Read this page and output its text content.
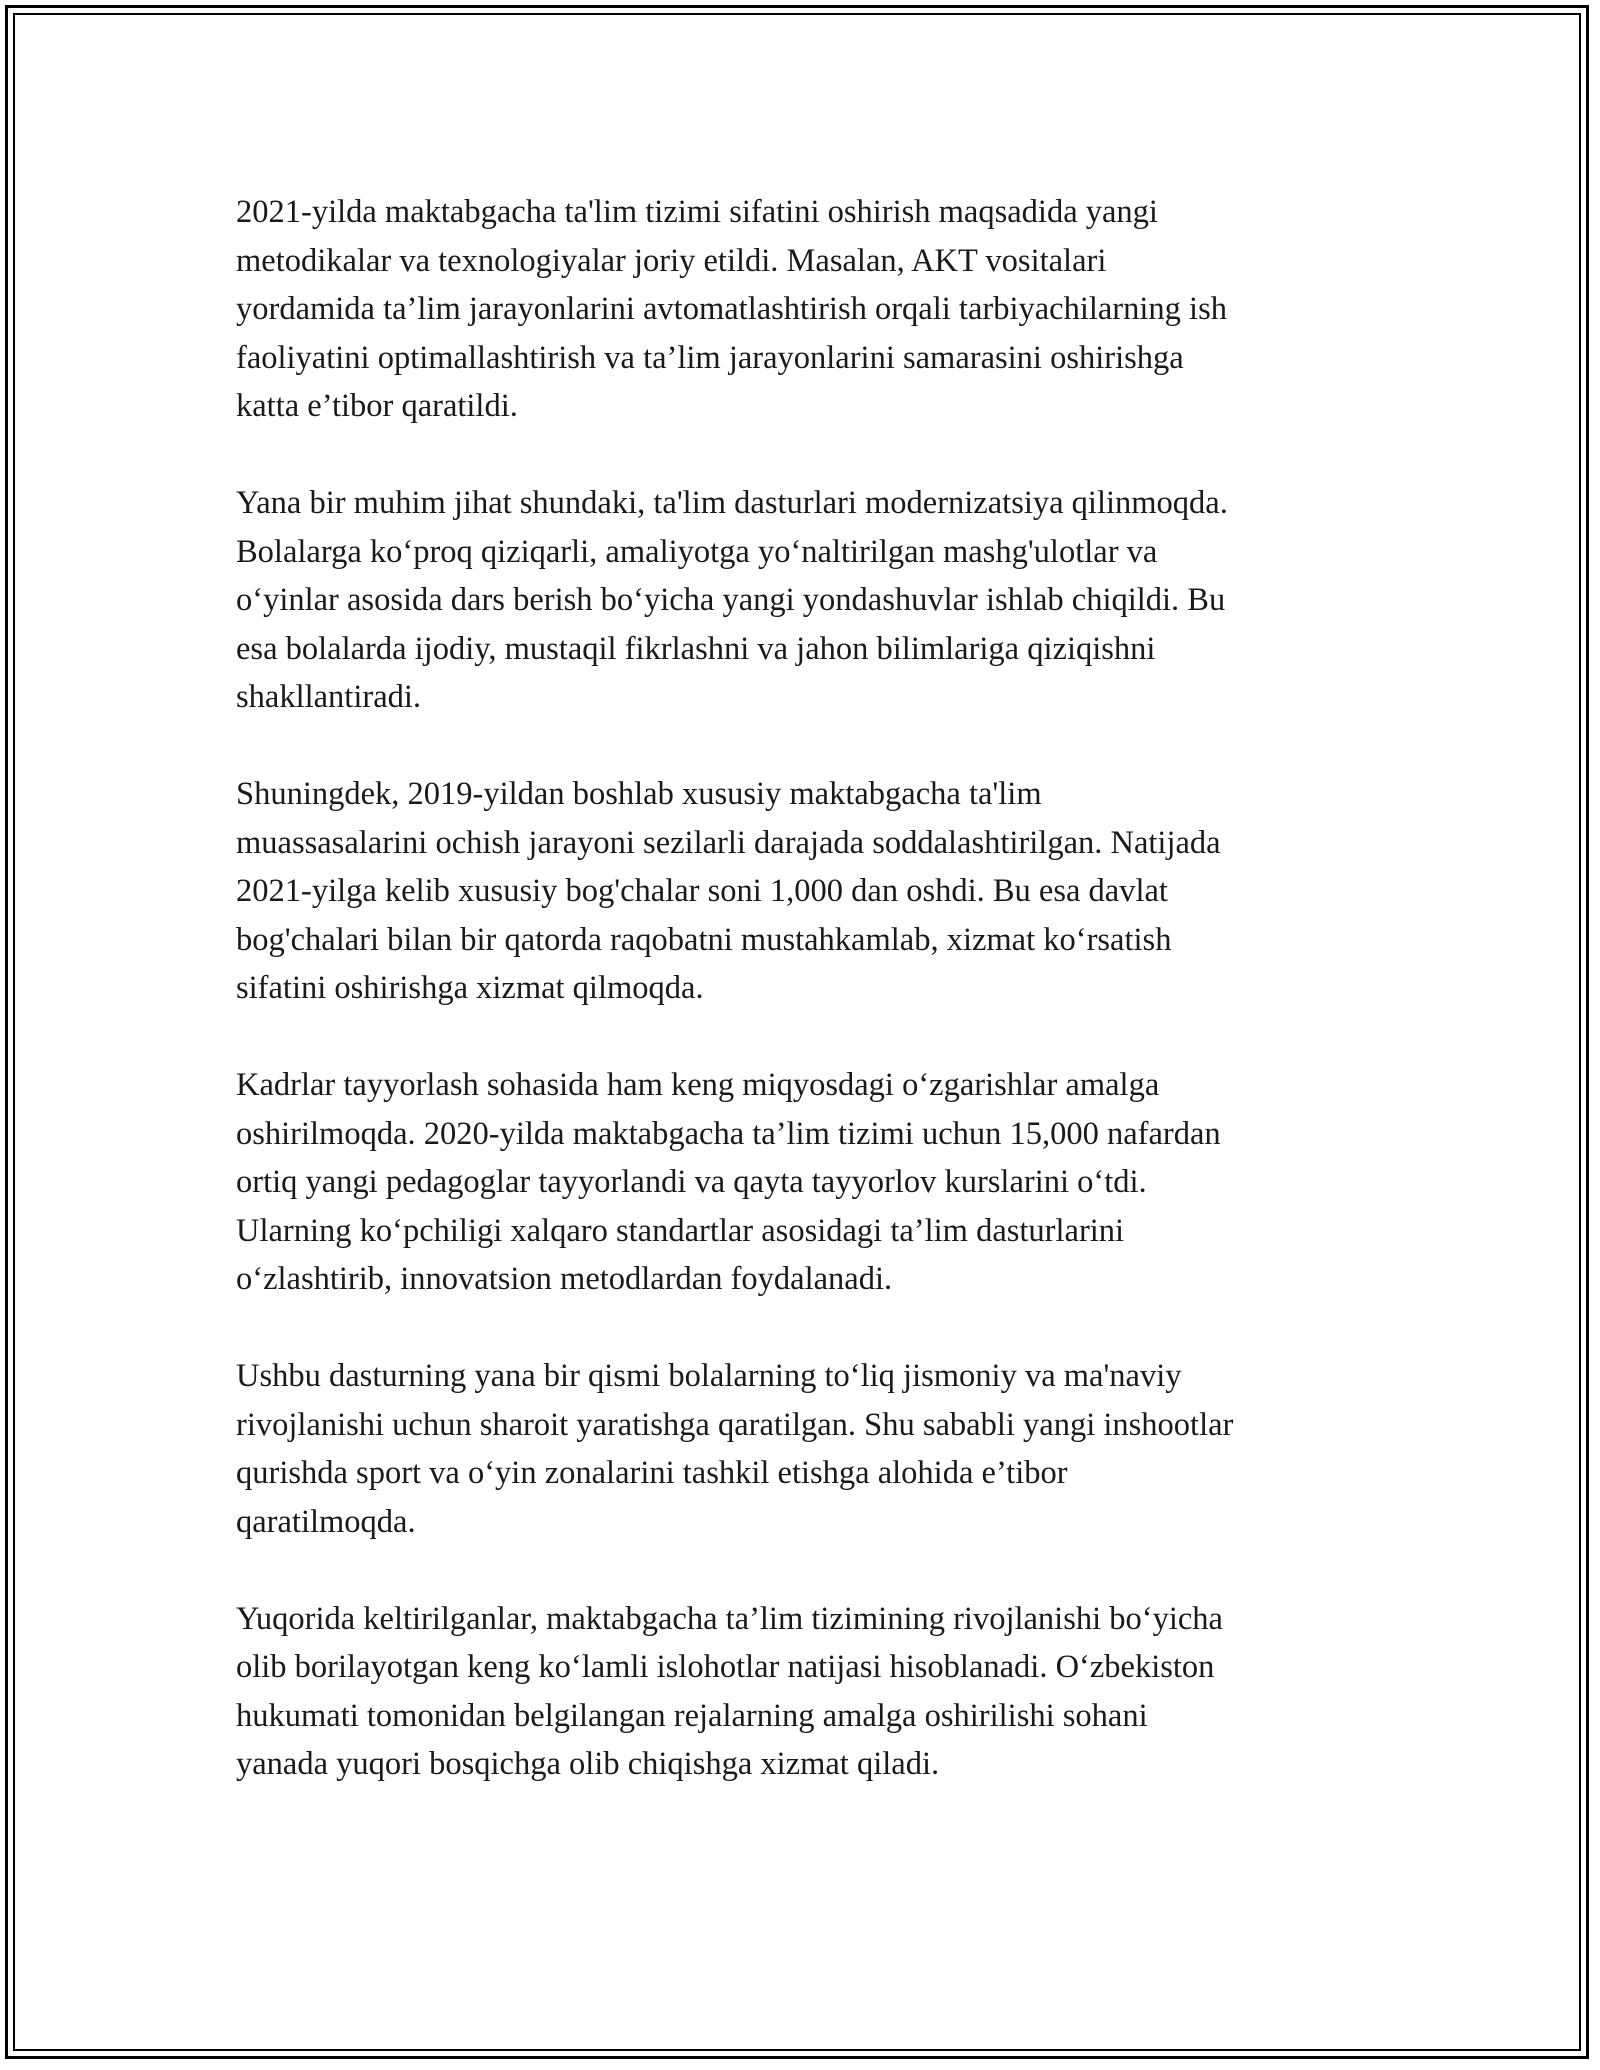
2021-yilda maktabgacha ta'lim tizimi sifatini oshirish maqsadida yangi
metodikalar va texnologiyalar joriy etildi. Masalan, AKT vositalari
yordamida ta’lim jarayonlarini avtomatlashtirish orqali tarbiyachilarning ish
faoliyatini optimallashtirish va ta’lim jarayonlarini samarasini oshirishga
katta e’tibor qaratildi.

Yana bir muhim jihat shundaki, ta'lim dasturlari modernizatsiya qilinmoqda.
Bolalarga ko‘proq qiziqarli, amaliyotga yo‘naltirilgan mashg'ulotlar va
o‘yinlar asosida dars berish bo‘yicha yangi yondashuvlar ishlab chiqildi. Bu
esa bolalarda ijodiy, mustaqil fikrlashni va jahon bilimlariga qiziqishni
shakllantiradi.

Shuningdek, 2019-yildan boshlab xususiy maktabgacha ta'lim
muassasalarini ochish jarayoni sezilarli darajada soddalashtirilgan. Natijada
2021-yilga kelib xususiy bog'chalar soni 1,000 dan oshdi. Bu esa davlat
bog'chalari bilan bir qatorda raqobatni mustahkamlab, xizmat ko‘rsatish
sifatini oshirishga xizmat qilmoqda.

Kadrlar tayyorlash sohasida ham keng miqyosdagi o‘zgarishlar amalga
oshirilmoqda. 2020-yilda maktabgacha ta’lim tizimi uchun 15,000 nafardan
ortiq yangi pedagoglar tayyorlandi va qayta tayyorlov kurslarini o‘tdi.
Ularning ko‘pchiligi xalqaro standartlar asosidagi ta’lim dasturlarini
o‘zlashtirib, innovatsion metodlardan foydalanadi.

Ushbu dasturning yana bir qismi bolalarning to‘liq jismoniy va ma'naviy
rivojlanishi uchun sharoit yaratishga qaratilgan. Shu sababli yangi inshootlar
qurishda sport va o‘yin zonalarini tashkil etishga alohida e’tibor
qaratilmoqda.

Yuqorida keltirilganlar, maktabgacha ta’lim tizimining rivojlanishi bo‘yicha
olib borilayotgan keng ko‘lamli islohotlar natijasi hisoblanadi. O‘zbekiston
hukumati tomonidan belgilangan rejalarning amalga oshirilishi sohani
yanada yuqori bosqichga olib chiqishga xizmat qiladi.
